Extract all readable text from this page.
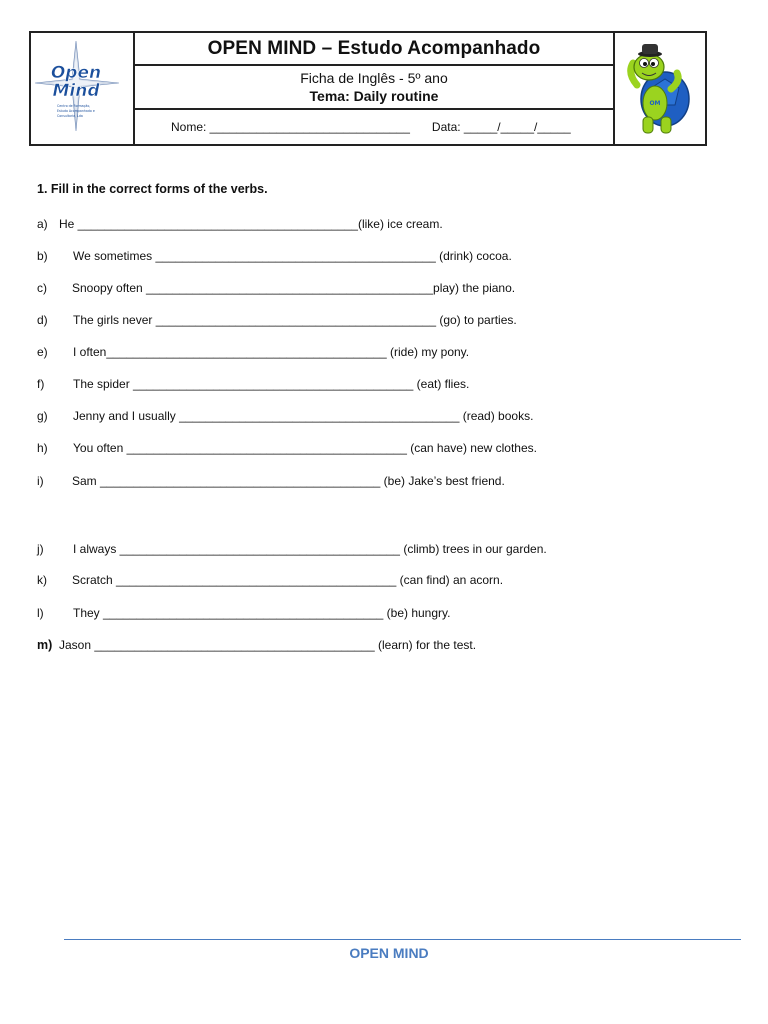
Open
Mind
Centro de Formação,
Estudo Acompanhado e
Consultoria, Lda
OPEN MIND – Estudo Acompanhado
Ficha de Inglês - 5º ano
Tema: Daily routine
Nome: ______________________________ Data: _____/_____/_____
OM
1. Fill in the correct forms of the verbs.
a) He __________________________________________(like) ice cream.
b) We sometimes __________________________________________ (drink) cocoa.
c) Snoopy often ___________________________________________play) the piano.
d) The girls never __________________________________________ (go) to parties.
e) I often__________________________________________ (ride) my pony.
f) The spider __________________________________________ (eat) flies.
g) Jenny and I usually __________________________________________ (read) books.
h) You often __________________________________________ (can have) new clothes.
i) Sam __________________________________________ (be) Jake’s best friend.
j) I always __________________________________________ (climb) trees in our garden.
k) Scratch __________________________________________ (can find) an acorn.
l) They __________________________________________ (be) hungry.
m) Jason __________________________________________ (learn) for the test.
OPEN MIND
